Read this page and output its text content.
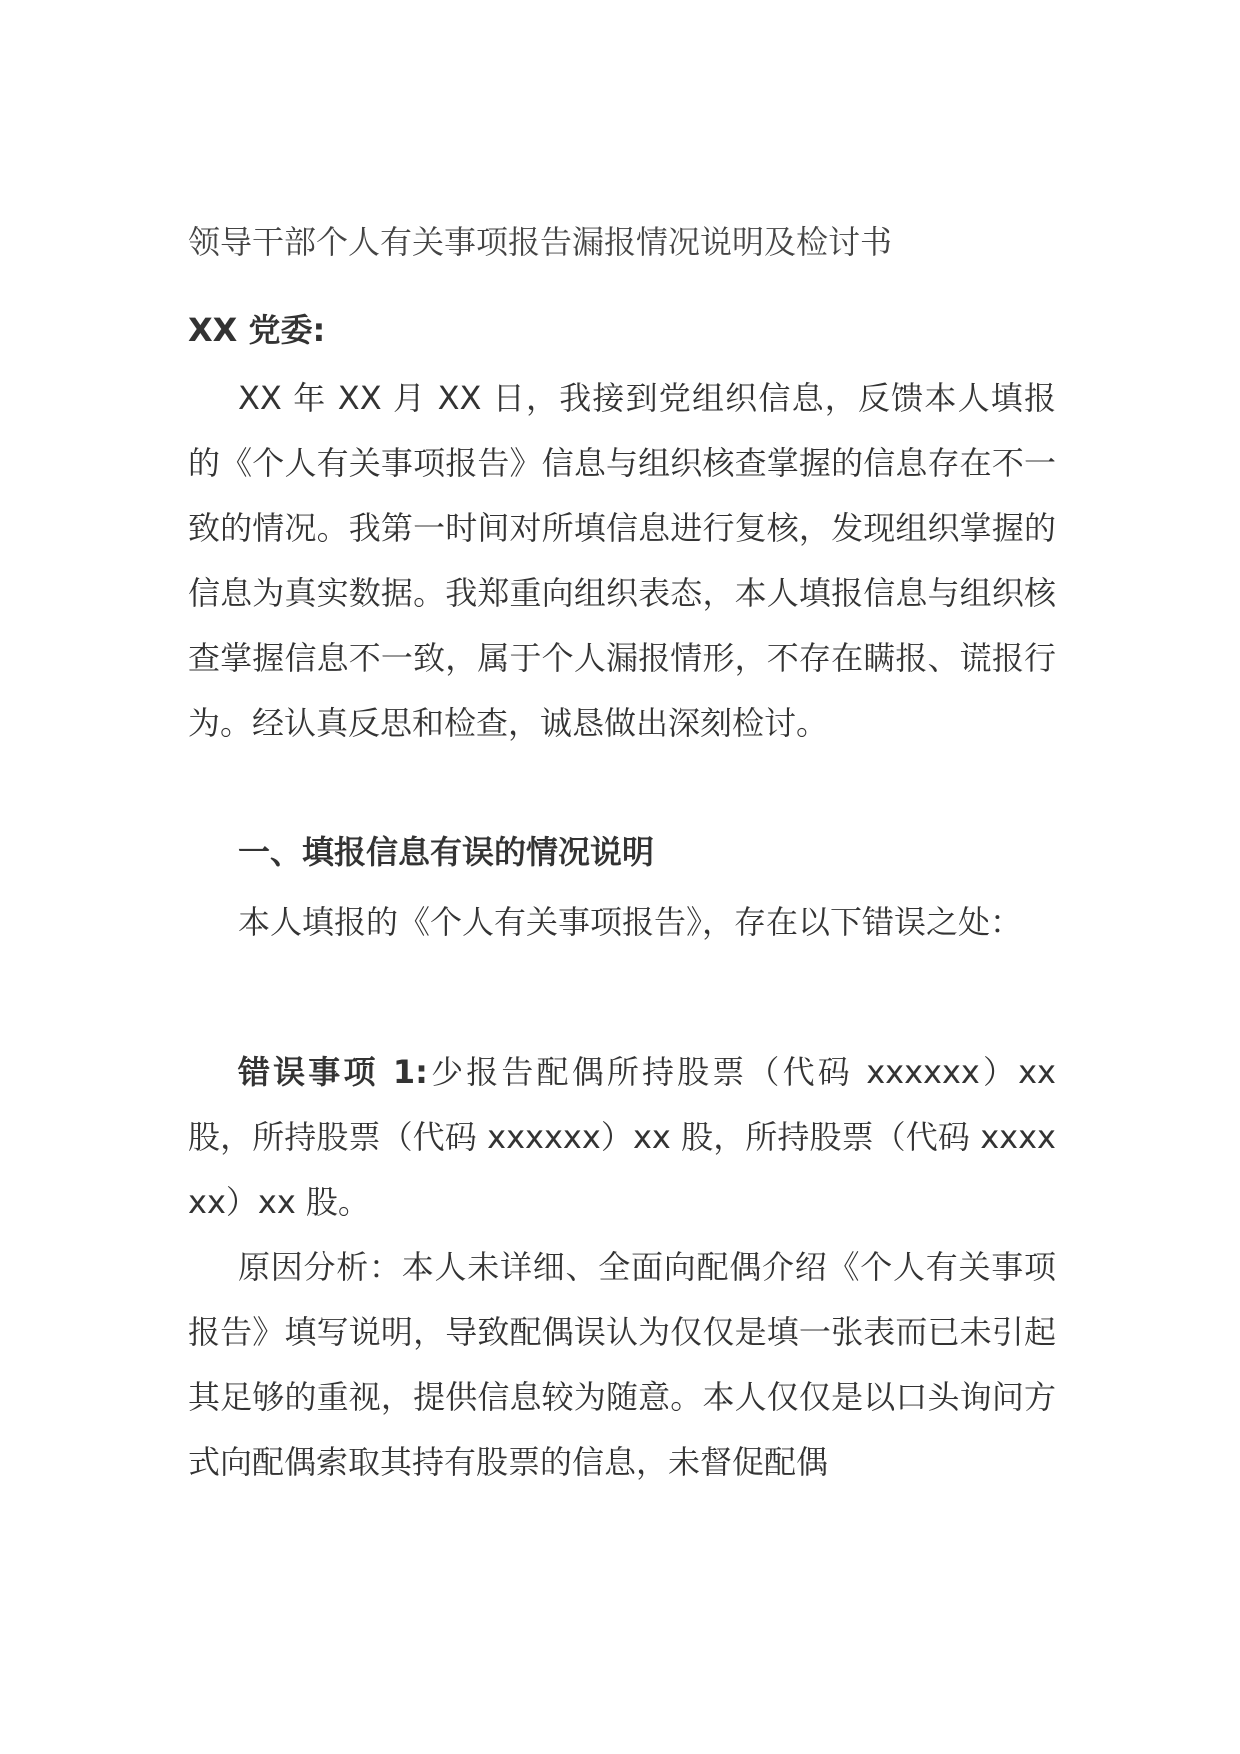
领导干部个人有关事项报告漏报情况说明及检讨书
XX 党委:

XX 年 XX 月 XX 日，我接到党组织信息，反馈本人填报的《个人有关事项报告》信息与组织核查掌握的信息存在不一致的情况。我第一时间对所填信息进行复核，发现组织掌握的信息为真实数据。我郑重向组织表态，本人填报信息与组织核查掌握信息不一致，属于个人漏报情形，不存在瞒报、谎报行为。经认真反思和检查，诚恳做出深刻检讨。

一、填报信息有误的情况说明

本人填报的《个人有关事项报告》，存在以下错误之处：

错误事项 1:少报告配偶所持股票（代码 xxxxxx）xx 股，所持股票（代码 xxxxxx）xx 股，所持股票（代码 xxxxxx）xx 股。

原因分析：本人未详细、全面向配偶介绍《个人有关事项报告》填写说明，导致配偶误认为仅仅是填一张表而已未引起其足够的重视，提供信息较为随意。本人仅仅是以口头询问方式向配偶索取其持有股票的信息，未督促配偶
